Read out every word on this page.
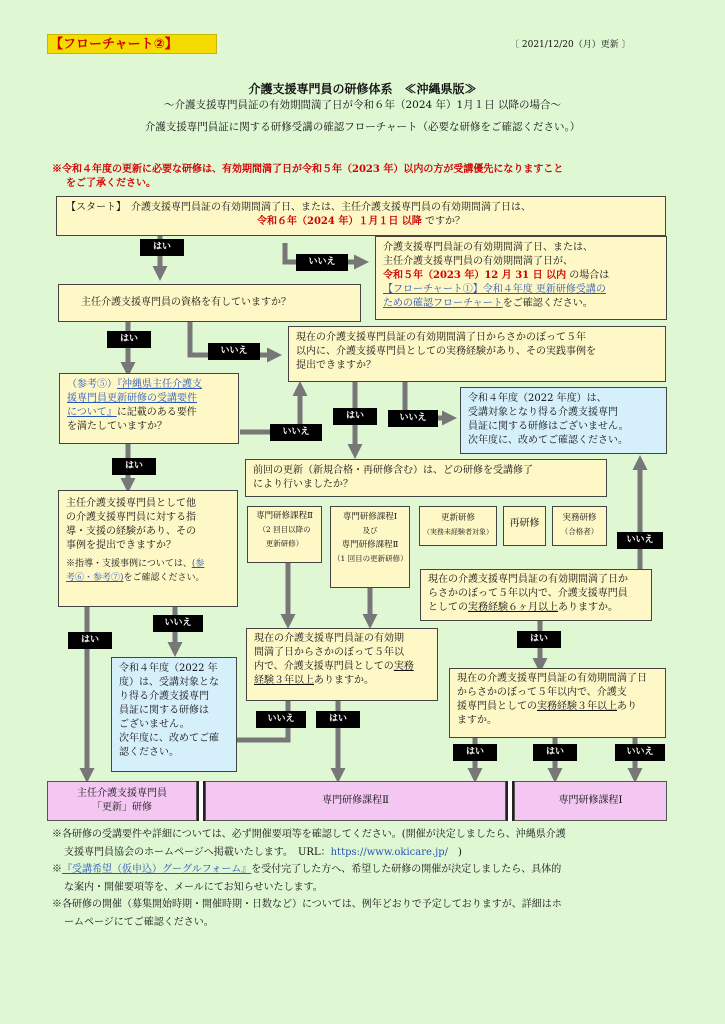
【フローチャート②】	〔 2021/12/20（月）更新 〕
介護支援専門員の研修体系　≪沖縄県版≫
～介護支援専門員証の有効期間満了日が令和６年（2024 年）1月１日 以降の場合～
介護支援専門員証に関する研修受講の確認フローチャート（必要な研修をご確認ください。）
※令和４年度の更新に必要な研修は、有効期間満了日が令和５年（2023 年）以内の方が受講優先になりますこと
をご了承ください。
【スタート】　介護支援専門員証の有効期間満了日、または、主任介護支援専門員の有効期間満了日は、
令和６年（2024 年）１月１日 以降 ですか？
はい
いいえ
介護支援専門員証の有効期間満了日、または、
主任介護支援専門員の有効期間満了日が、
令和５年（2023 年）12 月 31 日 以内 の場合は
【フローチャート①】令和４年度 更新研修受講の
ための確認フローチャートをご確認ください。
主任介護支援専門員の資格を有していますか？
はい
いいえ
現在の介護支援専門員証の有効期間満了日からさかのぼって５年
以内に、介護支援専門員としての実務経験があり、その実践事例を
提出できますか？
（参考⑤）『沖縄県主任介護支
援専門員更新研修の受講要件
について』に記載のある要件
を満たしていますか？
はい	いいえ
いいえ
令和４年度（2022 年度）は、
受講対象となり得る介護支援専門
員証に関する研修はございません。
次年度に、改めてご確認ください。
はい	前回の更新（新規合格・再研修含む）は、どの研修を受講修了
により行いましたか？
専門研修課程Ⅱ
（2 回目以降の
更新研修）
専門研修課程Ⅰ
及び
専門研修課程Ⅱ
（1 回目の更新研修）
更新研修
（実務未経験者対象）
再研修	実務研修
（合格者）
いいえ
主任介護支援専門員として他
の介護支援専門員に対する指
導・支援の経験があり、その
事例を提出できますか？
※指導・支援事例については、(参
考⑥・参考⑦)をご確認ください。	現在の介護支援専門員証の有効期間満了日か
らさかのぼって５年以内で、介護支援専門員
としての実務経験６ヶ月以上ありますか。
はい
いいえ
はい
現在の介護支援専門員証の有効期
間満了日からさかのぼって５年以
内で、介護支援専門員としての実務
経験３年以上ありますか。
令和４年度（2022 年
度）は、受講対象とな
り得る介護支援専門
員証に関する研修は
ございません。
次年度に、改めてご確
認ください。
現在の介護支援専門員証の有効期間満了日
からさかのぼって５年以内で、介護支
援専門員としての実務経験３年以上あり
ますか。
いいえ	はい
はい	はい	いいえ
主任介護支援専門員
「更新」研修
専門研修課程Ⅱ	専門研修課程Ⅰ
※各研修の受講要件や詳細については、必ず開催要項等を確認してください。(開催が決定しましたら、沖縄県介護
支援専門員協会のホームページへ掲載いたします。　URL：https://www.okicare.jp/　)
※『受講希望（仮申込）グーグルフォーム』を受付完了した方へ、希望した研修の開催が決定しましたら、具体的
な案内・開催要項等を、メールにてお知らせいたします。
※各研修の開催（募集開始時期・開催時期・日数など）については、例年どおりで予定しておりますが、詳細はホ
ームページにてご確認ください。
